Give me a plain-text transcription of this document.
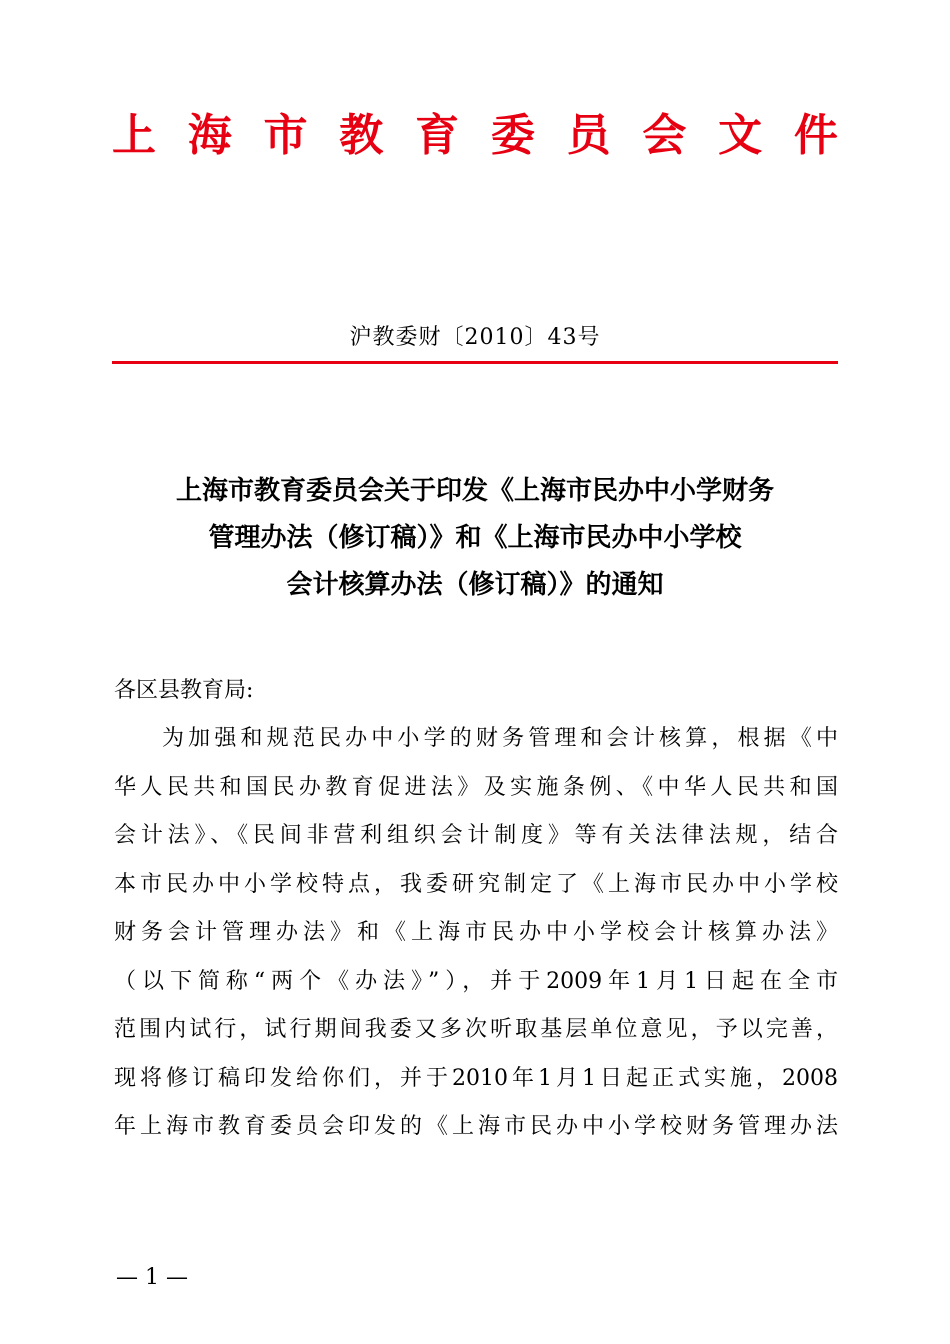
上 海 市 教 育 委 员 会 文 件
沪教委财〔2010〕43号
上海市教育委员会关于印发《上海市民办中小学财务
管理办法（修订稿）》和《上海市民办中小学校
会计核算办法（修订稿）》的通知
各区县教育局:
为加强和规范民办中小学的财务管理和会计核算，根据《中
华人民共和国民办教育促进法》及实施条例、《中华人民共和国
会计法》、《民间非营利组织会计制度》等有关法律法规，结合
本市民办中小学校特点，我委研究制定了《上海市民办中小学校
财务会计管理办法》和《上海市民办中小学校会计核算办法》
（以下简称“两个《办法》”），并于2009年1月1日起在全市
范围内试行，试行期间我委又多次听取基层单位意见，予以完善，
现将修订稿印发给你们，并于2010年1月1日起正式实施，2008
年上海市教育委员会印发的《上海市民办中小学校财务管理办法
— 1 —
